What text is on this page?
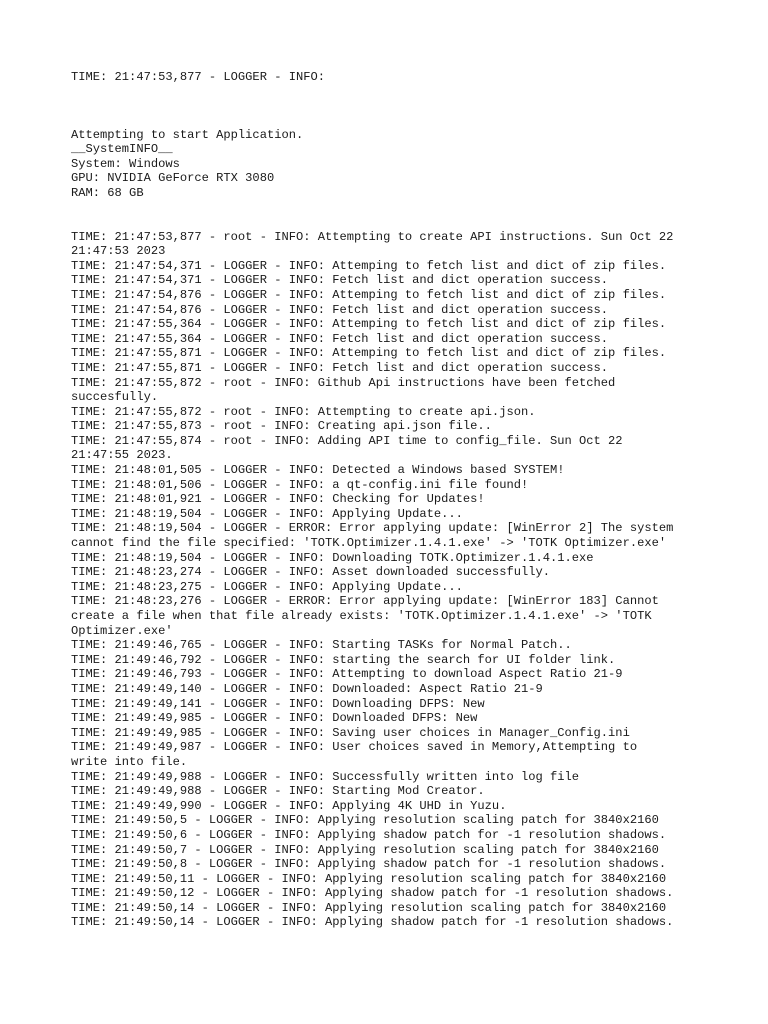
TIME: 21:47:53,877 - LOGGER - INFO:
Attempting to start Application.
__SystemINFO__
System: Windows
GPU: NVIDIA GeForce RTX 3080
RAM: 68 GB
TIME: 21:47:53,877 - root - INFO: Attempting to create API instructions. Sun Oct 22
21:47:53 2023
TIME: 21:47:54,371 - LOGGER - INFO: Attemping to fetch list and dict of zip files.
TIME: 21:47:54,371 - LOGGER - INFO: Fetch list and dict operation success.
TIME: 21:47:54,876 - LOGGER - INFO: Attemping to fetch list and dict of zip files.
TIME: 21:47:54,876 - LOGGER - INFO: Fetch list and dict operation success.
TIME: 21:47:55,364 - LOGGER - INFO: Attemping to fetch list and dict of zip files.
TIME: 21:47:55,364 - LOGGER - INFO: Fetch list and dict operation success.
TIME: 21:47:55,871 - LOGGER - INFO: Attemping to fetch list and dict of zip files.
TIME: 21:47:55,871 - LOGGER - INFO: Fetch list and dict operation success.
TIME: 21:47:55,872 - root - INFO: Github Api instructions have been fetched
succesfully.
TIME: 21:47:55,872 - root - INFO: Attempting to create api.json.
TIME: 21:47:55,873 - root - INFO: Creating api.json file..
TIME: 21:47:55,874 - root - INFO: Adding API time to config_file. Sun Oct 22
21:47:55 2023.
TIME: 21:48:01,505 - LOGGER - INFO: Detected a Windows based SYSTEM!
TIME: 21:48:01,506 - LOGGER - INFO: a qt-config.ini file found!
TIME: 21:48:01,921 - LOGGER - INFO: Checking for Updates!
TIME: 21:48:19,504 - LOGGER - INFO: Applying Update...
TIME: 21:48:19,504 - LOGGER - ERROR: Error applying update: [WinError 2] The system
cannot find the file specified: 'TOTK.Optimizer.1.4.1.exe' -> 'TOTK Optimizer.exe'
TIME: 21:48:19,504 - LOGGER - INFO: Downloading TOTK.Optimizer.1.4.1.exe
TIME: 21:48:23,274 - LOGGER - INFO: Asset downloaded successfully.
TIME: 21:48:23,275 - LOGGER - INFO: Applying Update...
TIME: 21:48:23,276 - LOGGER - ERROR: Error applying update: [WinError 183] Cannot
create a file when that file already exists: 'TOTK.Optimizer.1.4.1.exe' -> 'TOTK
Optimizer.exe'
TIME: 21:49:46,765 - LOGGER - INFO: Starting TASKs for Normal Patch..
TIME: 21:49:46,792 - LOGGER - INFO: starting the search for UI folder link.
TIME: 21:49:46,793 - LOGGER - INFO: Attempting to download Aspect Ratio 21-9
TIME: 21:49:49,140 - LOGGER - INFO: Downloaded: Aspect Ratio 21-9
TIME: 21:49:49,141 - LOGGER - INFO: Downloading DFPS: New
TIME: 21:49:49,985 - LOGGER - INFO: Downloaded DFPS: New
TIME: 21:49:49,985 - LOGGER - INFO: Saving user choices in Manager_Config.ini
TIME: 21:49:49,987 - LOGGER - INFO: User choices saved in Memory,Attempting to
write into file.
TIME: 21:49:49,988 - LOGGER - INFO: Successfully written into log file
TIME: 21:49:49,988 - LOGGER - INFO: Starting Mod Creator.
TIME: 21:49:49,990 - LOGGER - INFO: Applying 4K UHD in Yuzu.
TIME: 21:49:50,5 - LOGGER - INFO: Applying resolution scaling patch for 3840x2160
TIME: 21:49:50,6 - LOGGER - INFO: Applying shadow patch for -1 resolution shadows.
TIME: 21:49:50,7 - LOGGER - INFO: Applying resolution scaling patch for 3840x2160
TIME: 21:49:50,8 - LOGGER - INFO: Applying shadow patch for -1 resolution shadows.
TIME: 21:49:50,11 - LOGGER - INFO: Applying resolution scaling patch for 3840x2160
TIME: 21:49:50,12 - LOGGER - INFO: Applying shadow patch for -1 resolution shadows.
TIME: 21:49:50,14 - LOGGER - INFO: Applying resolution scaling patch for 3840x2160
TIME: 21:49:50,14 - LOGGER - INFO: Applying shadow patch for -1 resolution shadows.
